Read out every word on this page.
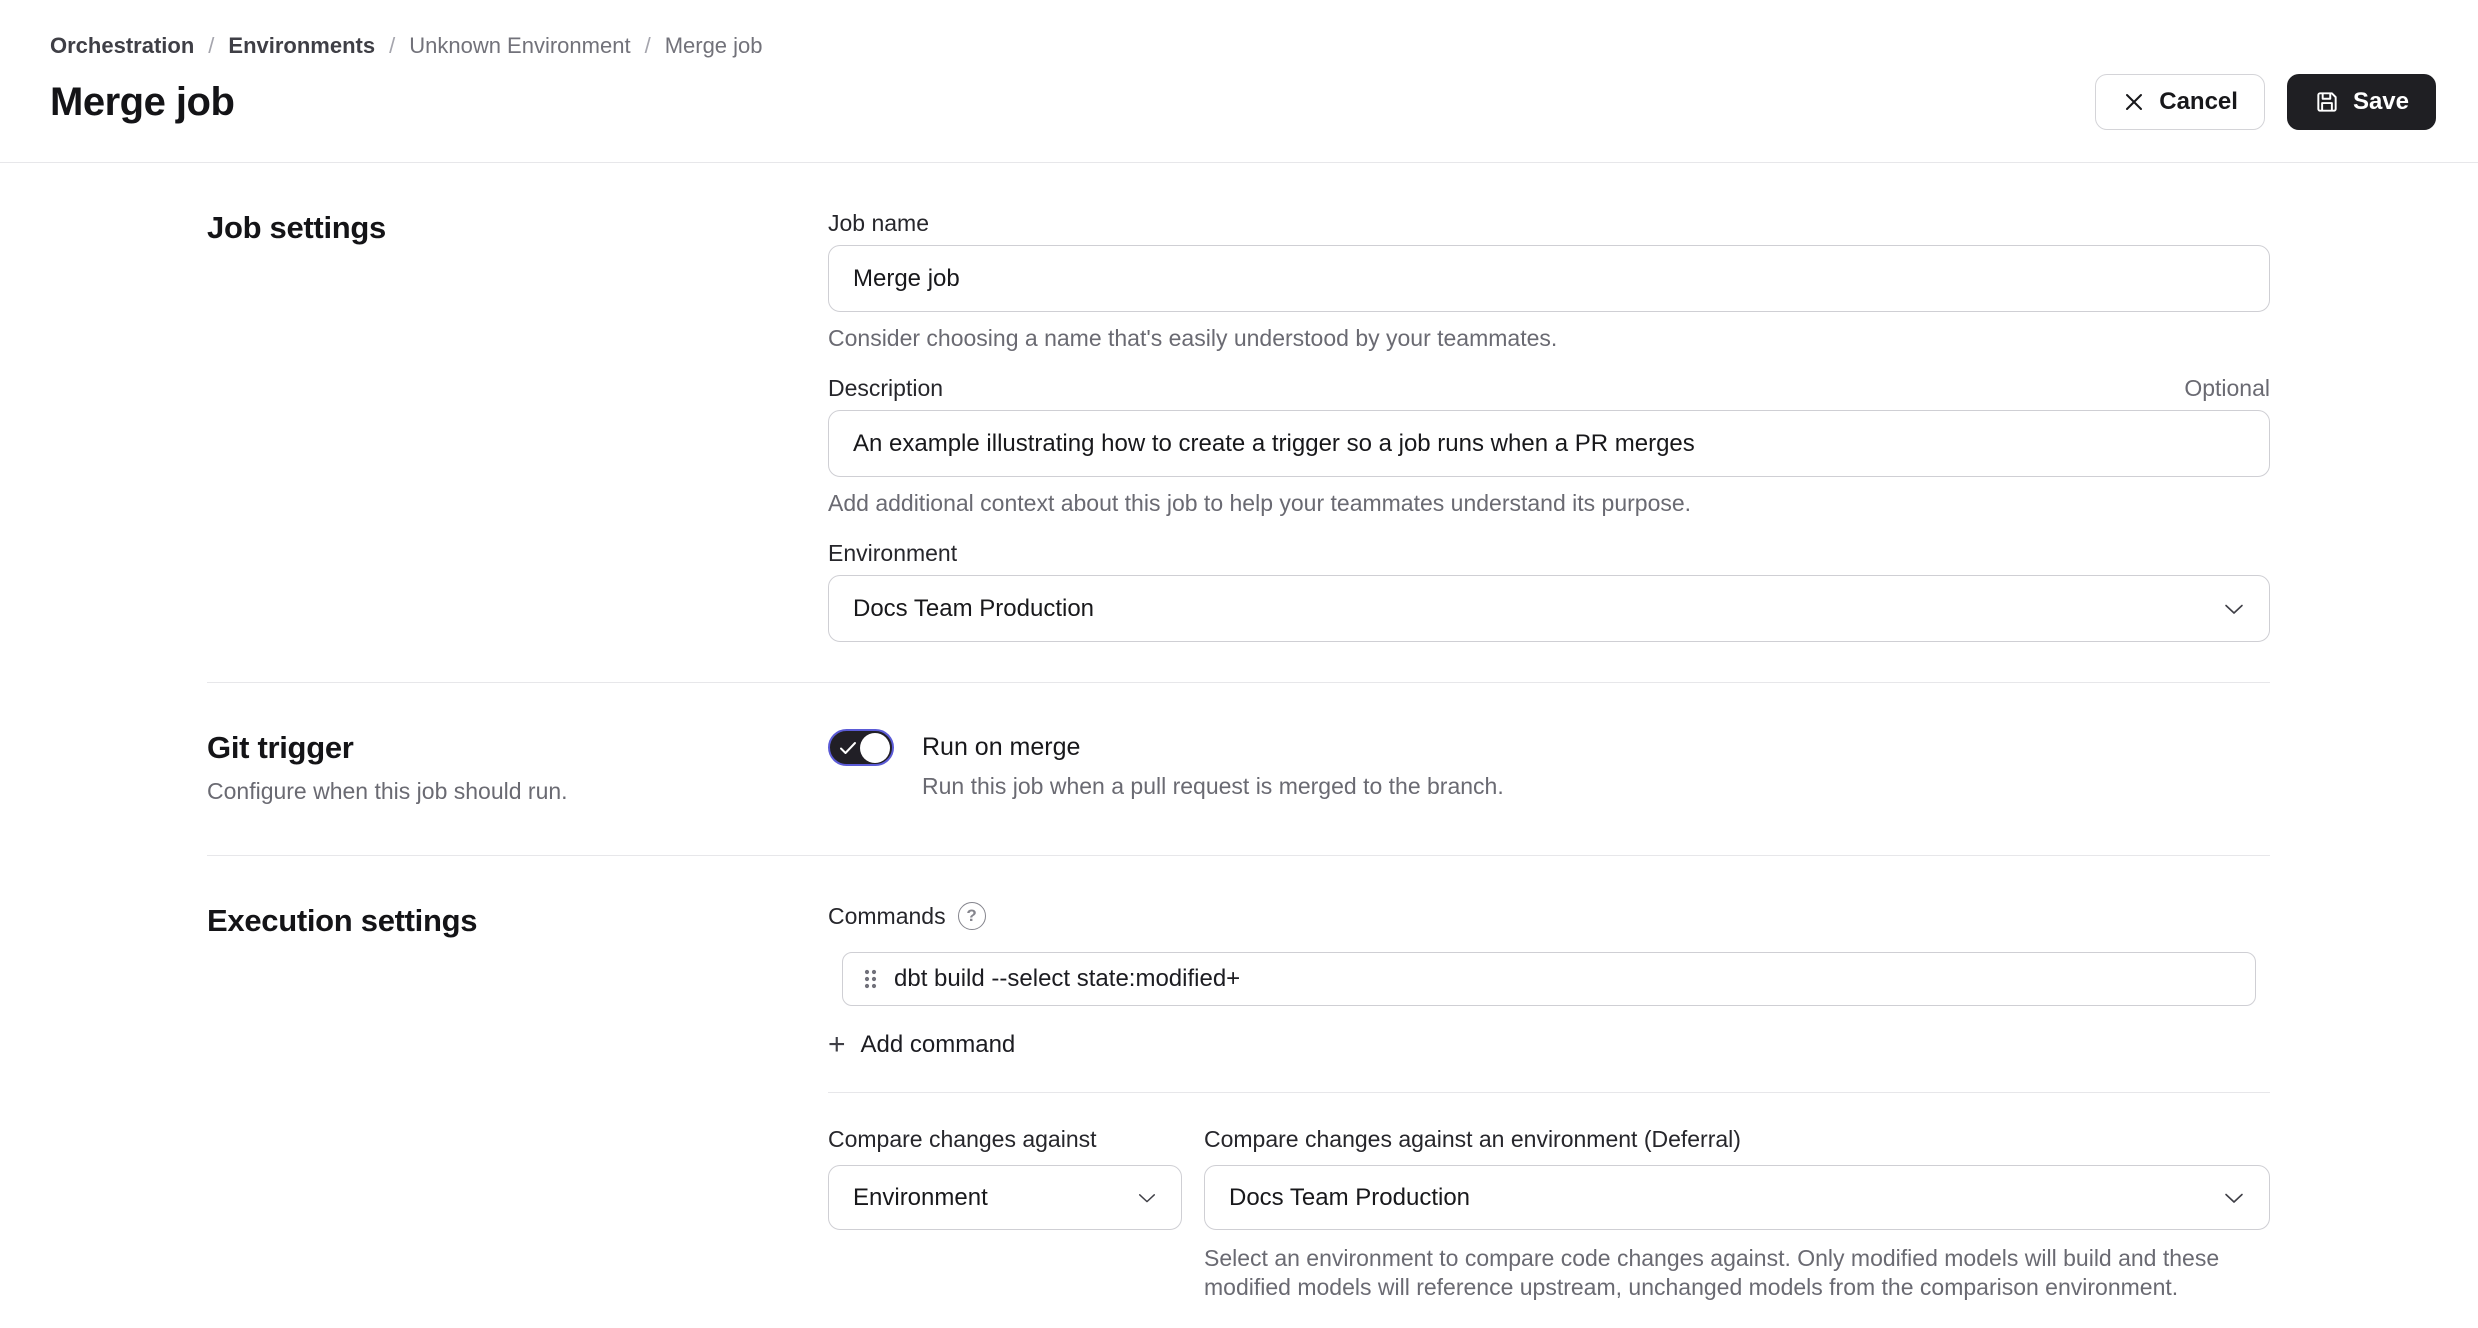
Orchestration / Environments / Unknown Environment / Merge job
Merge job	Cancel	Save
Job settings	Job name
Merge job
Consider choosing a name that's easily understood by your teammates.
Description	Optional
An example illustrating how to create a trigger so a job runs when a PR merges
Add additional context about this job to help your teammates understand its purpose.
Environment
Docs Team Production
Git trigger
Configure when this job should run.
Run on merge
Run this job when a pull request is merged to the branch.
Execution settings	Commands	?
dbt build --select state:modified+
+ Add command
Compare changes against
Environment
Compare changes against an environment (Deferral)
Docs Team Production
Select an environment to compare code changes against. Only modified models will build and these modified models will reference upstream, unchanged models from the comparison environment.
